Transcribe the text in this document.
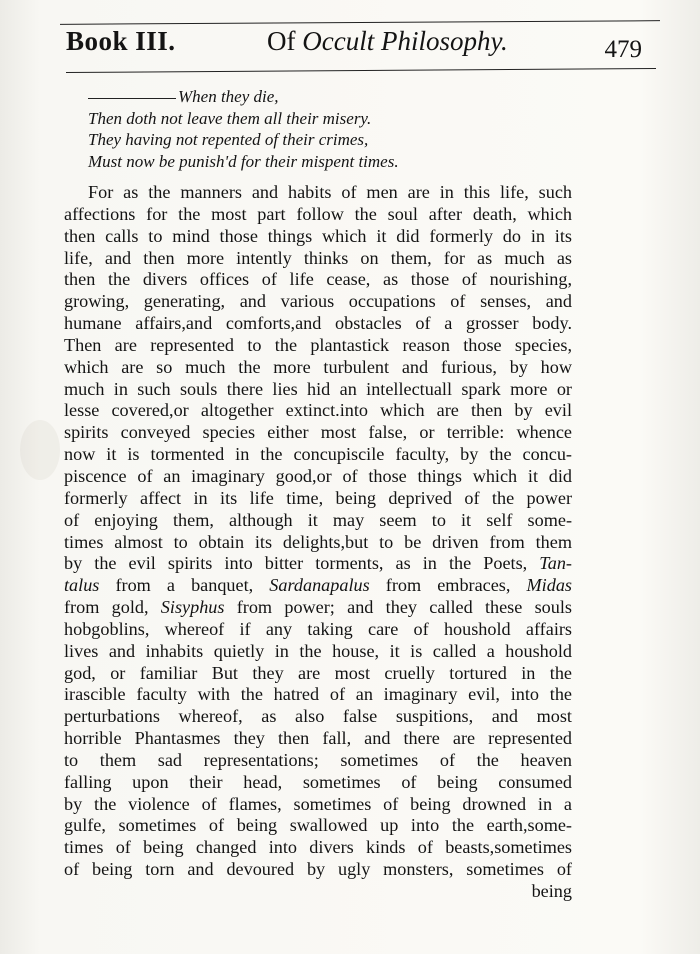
Book III.	Of Occult Philosophy.	479
When they die,
Then doth not leave them all their misery.
They having not repented of their crimes,
Must now be punish'd for their mispent times.
For as the manners and habits of men are in this life, such
affections for the most part follow the soul after death, which
then calls to mind those things which it did formerly do in its
life, and then more intently thinks on them, for as much as
then the divers offices of life cease, as those of nourishing,
growing, generating, and various occupations of senses, and
humane affairs,and comforts,and obstacles of a grosser body.
Then are represented to the plantastick reason those species,
which are so much the more turbulent and furious, by how
much in such souls there lies hid an intellectuall spark more or
lesse covered,or altogether extinct.into which are then by evil
spirits conveyed species either most false, or terrible: whence
now it is tormented in the concupiscile faculty, by the concu-
piscence of an imaginary good,or of those things which it did
formerly affect in its life time, being deprived of the power
of enjoying them, although it may seem to it self some-
times almost to obtain its delights,but to be driven from them
by the evil spirits into bitter torments, as in the Poets, Tan-
talus from a banquet, Sardanapalus from embraces, Midas
from gold, Sisyphus from power; and they called these souls
hobgoblins, whereof if any taking care of houshold affairs
lives and inhabits quietly in the house, it is called a houshold
god, or familiar But they are most cruelly tortured in the
irascible faculty with the hatred of an imaginary evil, into the
perturbations whereof, as also false suspitions, and most
horrible Phantasmes they then fall, and there are represented
to them sad representations; sometimes of the heaven
falling upon their head, sometimes of being consumed
by the violence of flames, sometimes of being drowned in a
gulfe, sometimes of being swallowed up into the earth,some-
times of being changed into divers kinds of beasts,sometimes
of being torn and devoured by ugly monsters, sometimes of
being
